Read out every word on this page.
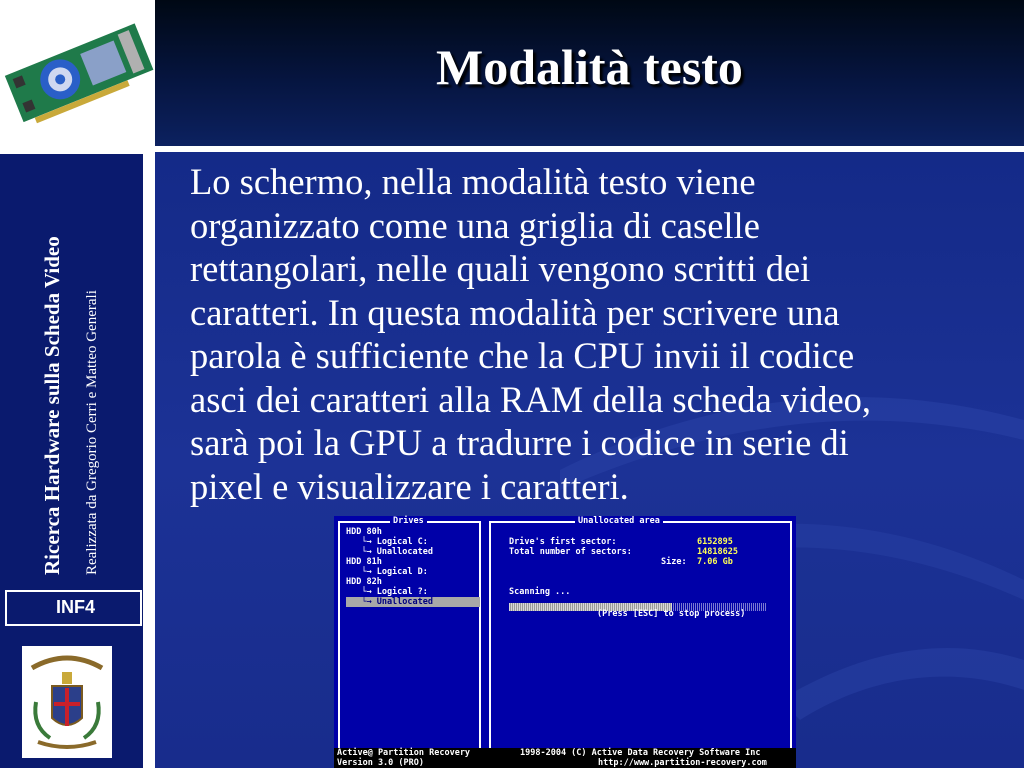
Modalità testo
Ricerca Hardware sulla Scheda Video Realizzata da Gregorio Cerri e Matteo Generali
INF4
Lo schermo, nella modalità testo viene
organizzato come una griglia di caselle
rettangolari, nelle quali vengono scritti dei
caratteri. In questa modalità per scrivere una
parola è sufficiente che la CPU invii il codice
asci dei caratteri alla RAM della scheda video,
sarà poi la GPU a tradurre i codice in serie di
pixel e visualizzare i caratteri.
Drives
HDD 80h
└→ Logical C:
└→ Unallocated
HDD 81h
└→ Logical D:
HDD 82h
└→ Logical ?:
└→ Unallocated
Unallocated area
Drive's first sector:	6152895
Total number of sectors:	14818625
Size: 7.06 Gb
Scanning ...
(Press [ESC] to stop process)
Active@ Partition Recovery
Version 3.0 (PRO)
1998-2004 (C) Active Data Recovery Software Inc
http://www.partition-recovery.com
